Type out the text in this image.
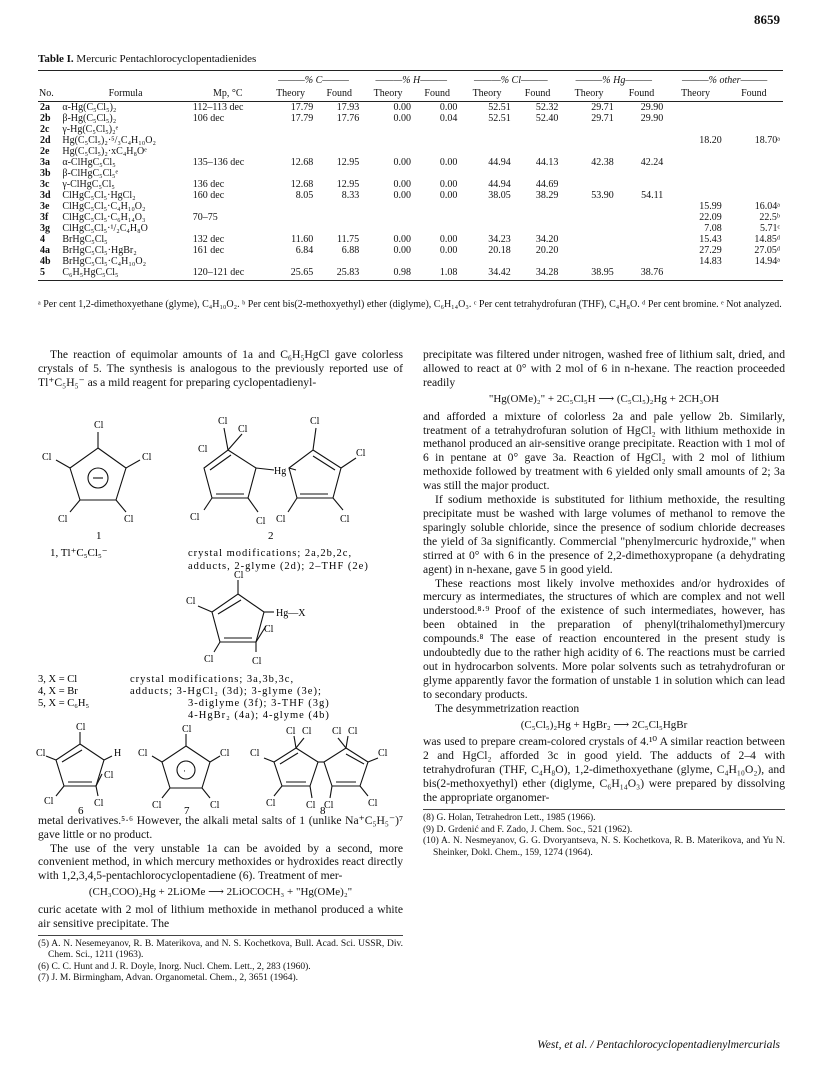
8659
Table I. Mercuric Pentachlorocyclopentadienides
			———% C———		———% H———		———% Cl———		———% Hg———		———% other———	
No.	Formula	Mp, °C	Theory	Found	Theory	Found	Theory	Found	Theory	Found	Theory	Found
2a	α-Hg(C₅Cl₅)₂	112–113 dec	17.79	17.93	0.00	0.00	52.51	52.32	29.71	29.90		
2b	β-Hg(C₅Cl₅)₂	106 dec	17.79	17.76	0.00	0.04	52.51	52.40	29.71	29.90		
2c	γ-Hg(C₅Cl₅)₂ᵉ											
2d	Hg(C₅Cl₅)₂·⁵/₃C₄H₁₀O₂										18.20	18.70ᵃ
2e	Hg(C₅Cl₅)₂·xC₄H₈Oᵉ											
3a	α-ClHgC₅Cl₅	135–136 dec	12.68	12.95	0.00	0.00	44.94	44.13	42.38	42.24		
3b	β-ClHgC₅Cl₅ᵉ											
3c	γ-ClHgC₅Cl₅	136 dec	12.68	12.95	0.00	0.00	44.94	44.69				
3d	ClHgC₅Cl₅·HgCl₂	160 dec	8.05	8.33	0.00	0.00	38.05	38.29	53.90	54.11		
3e	ClHgC₅Cl₅·C₄H₁₀O₂										15.99	16.04ᵃ
3f	ClHgC₅Cl₅·C₆H₁₄O₃	70–75									22.09	22.5ᵇ
3g	ClHgC₅Cl₅·¹/₂C₄H₈O										7.08	5.71ᶜ
4	BrHgC₅Cl₅	132 dec	11.60	11.75	0.00	0.00	34.23	34.20			15.43	14.85ᵈ
4a	BrHgC₅Cl₅·HgBr₂	161 dec	6.84	6.88	0.00	0.00	20.18	20.20			27.29	27.05ᵈ
4b	BrHgC₅Cl₅·C₄H₁₀O₂										14.83	14.94ᵃ
5	C₆H₅HgC₅Cl₅	120–121 dec	25.65	25.83	0.98	1.08	34.42	34.28	38.95	38.76		
ᵃ Per cent 1,2-dimethoxyethane (glyme), C₄H₁₀O₂. ᵇ Per cent bis(2-methoxyethyl) ether (diglyme), C₆H₁₄O₃. ᶜ Per cent tetrahydrofuran (THF), C₄H₈O. ᵈ Per cent bromine. ᵉ Not analyzed.

The reaction of equimolar amounts of 1a and C₆H₅HgCl gave colorless crystals of 5. The synthesis is analogous to the previously reported use of Tl⁺C₅H₅⁻ as a mild reagent for preparing cyclopentadienyl-

Cl
Cl
Cl
Cl
Cl
1
1, Tl⁺C₅Cl₅⁻
Hg
Cl
Cl
Cl
Cl
Cl
Cl
Cl
Cl
Cl
2
crystal modifications; 2a,2b,2c,
adducts, 2-glyme (2d); 2–THF (2e)
Cl
Hg—X
Cl
Cl
Cl	Cl
3, X = Cl
4, X = Br
5, X = C₆H₅
crystal modifications; 3a,3b,3c,
adducts; 3-HgCl₂ (3d); 3-glyme (3e);
3-diglyme (3f); 3-THF (3g)
4-HgBr₂ (4a); 4-glyme (4b)
Cl
H
Cl
Cl
Cl	Cl
6
·
Cl
Cl
Cl
Cl
Cl 7
Cl Cl Cl Cl
Cl	Cl
Cl	Cl Cl	Cl
8

metal derivatives.⁵·⁶ However, the alkali metal salts of 1 (unlike Na⁺C₅H₅⁻)⁷ gave little or no product.

The use of the very unstable 1a can be avoided by a second, more convenient method, in which mercury methoxides or hydroxides react directly with 1,2,3,4,5-pentachlorocyclopentadiene (6). Treatment of mer-

(CH₃COO)₂Hg + 2LiOMe ⟶ 2LiOCOCH₃ + "Hg(OMe)₂"

curic acetate with 2 mol of lithium methoxide in methanol produced a white air sensitive precipitate. The

(5) A. N. Nesemeyanov, R. B. Materikova, and N. S. Kochetkova, Bull. Acad. Sci. USSR, Div. Chem. Sci., 1211 (1963).

(6) C. C. Hunt and J. R. Doyle, Inorg. Nucl. Chem. Lett., 2, 283 (1960).

(7) J. M. Birmingham, Advan. Organometal. Chem., 2, 3651 (1964).

precipitate was filtered under nitrogen, washed free of lithium salt, dried, and allowed to react at 0° with 2 mol of 6 in n-hexane. The reaction proceeded readily

"Hg(OMe)₂" + 2C₅Cl₅H ⟶ (C₅Cl₅)₂Hg + 2CH₃OH

and afforded a mixture of colorless 2a and pale yellow 2b. Similarly, treatment of a tetrahydrofuran solution of HgCl₂ with lithium methoxide in methanol produced an air-sensitive orange precipitate. Reaction with 1 mol of 6 in pentane at 0° gave 3a. Reaction of HgCl₂ with 2 mol of lithium methoxide followed by treatment with 6 yielded only small amounts of 2; 3a was still the major product.

If sodium methoxide is substituted for lithium methoxide, the resulting precipitate must be washed with large volumes of methanol to remove the sparingly soluble chloride, since the presence of sodium chloride decreases the yield of 3a significantly. Commercial "phenylmercuric hydroxide," when stirred at 0° with 6 in the presence of 2,2-dimethoxypropane (a dehydrating agent) in n-hexane, gave 5 in good yield.

These reactions most likely involve methoxides and/or hydroxides of mercury as intermediates, the structures of which are complex and not well understood.⁸·⁹ Proof of the existence of such intermediates, however, has been obtained in the preparation of phenyl(trihalomethyl)mercury compounds.⁸ The ease of reaction encountered in the present study is undoubtedly due to the rather high acidity of 6. The reactions must be carried out in hydrocarbon solvents. More polar solvents such as tetrahydrofuran or glyme apparently favor the formation of unstable 1 in solution which can lead to secondary products.

The desymmetrization reaction

(C₅Cl₅)₂Hg + HgBr₂ ⟶ 2C₅Cl₅HgBr

was used to prepare cream-colored crystals of 4.¹⁰ A similar reaction between 2 and HgCl₂ afforded 3c in good yield. The adducts of 2–4 with tetrahydrofuran (THF, C₄H₈O), 1,2-dimethoxyethane (glyme, C₄H₁₀O₂), and bis(2-methoxyethyl) ether (diglyme, C₆H₁₄O₃) were prepared by dissolving the appropriate organomer-

(8) G. Holan, Tetrahedron Lett., 1985 (1966).

(9) D. Grdenić and F. Zado, J. Chem. Soc., 521 (1962).

(10) A. N. Nesmeyanov, G. G. Dvoryantseva, N. S. Kochetkova, R. B. Materikova, and Yu N. Sheinker, Dokl. Chem., 159, 1274 (1964).

West, et al. / Pentachlorocyclopentadienylmercurials
